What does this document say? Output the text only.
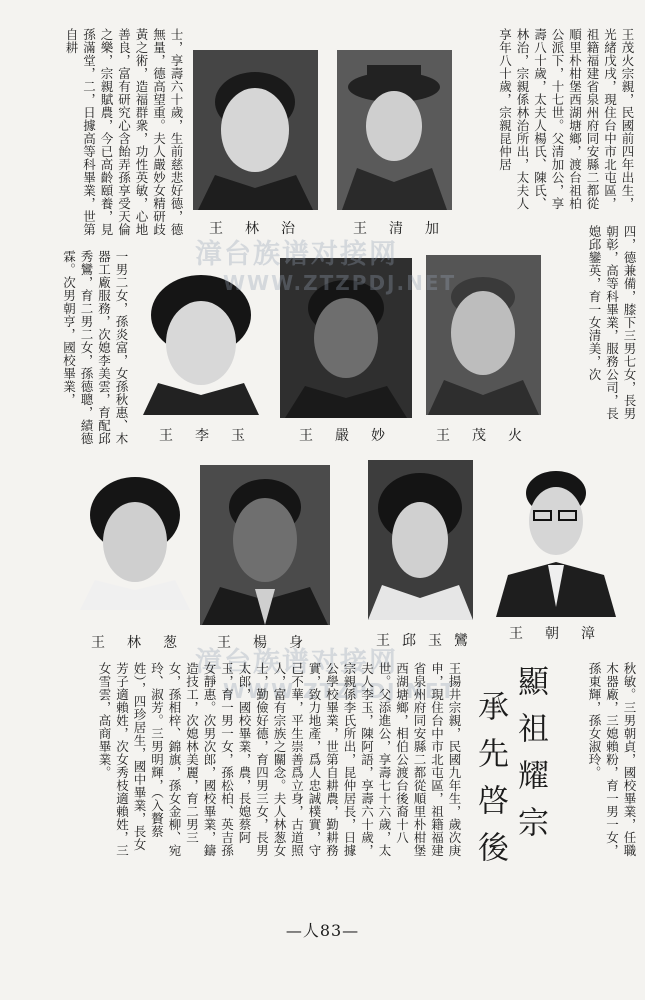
王茂火宗親，民國前四年出生，光緒戊戌，現住台中市北屯區，祖籍福建省泉州府同安縣二都從順里朴柑堡西湖塘鄉，渡台祖柏公派下，十七世。父清加公，享壽八十歲，太夫人楊氏、陳氏、林治，宗親係林治所出，太夫人享年八十歲，宗親昆仲居
士，享壽六十歲，生前慈悲好德，德無量，德高望重。夫人嚴妙女精研歧黃之術，造福群衆，功性英敏，心地善良，富有研究心含飴弄孫享受天倫之樂，宗親賦農，今已高齡頤養，見孫滿堂，二，日據高等科畢業，世第自耕
王清加
王林治	四，德兼備，膝下三男七女，長男朝彰，高等科畢業，服務公司，長媳邱鑾英，育一女清美，次
一男二女，孫炎富，女孫秋惠、木器工廠服務，次媳李美雲，育配邱秀鸞，育二男二女，孫德聰，績德霖。次男朝亨，國校畢業，
王茂火
王嚴妙
王李玉
漳台族谱对接网
WWW.ZTZPDJ.NET
王朝漳
王邱玉鸞
王楊身
王林葱
漳台族谱对接网
WWW.ZTZPDJ.NET	秋敏。三男朝貞，國校畢業，任職木器廠，三媳賴粉，育一男一女，孫東輝，孫女淑玲。
顯祖耀宗
承先啓後
王揚井宗親，民國九年生，歲次庚申，現住台中市北屯區，祖籍福建省泉州府同安縣二都從順里朴柑堡西湖塘鄉，相伯公渡台後裔十八世。父添進公，享壽七十六歲，太夫人李玉，陳阿語，享壽六十歲，宗親係李氏所出，昆仲居長，日據公學校畢業，世第自耕農，勤耕務實，致力地產，爲人忠誠樸實，守己不華，平生崇善爲立身，古道照人，富有宗族之關念。夫人林葱女士，勤儉好德，育四男三女，長男太郎，國校畢業，農，長媳蔡阿玉，育一男一女，孫松柏、英吉孫女靜惠。次男次郎，國校畢業，鑄造技工，次媳林美麗，育二男三女，孫相梓、錦旗，孫女金柳、宛玲、淑芳。三男明輝，（入贅蔡姓），四珍居生，國中畢業，長女芳子適賴姓，次女秀枝適賴姓，三女雪雲，高商畢業。
—人83—
